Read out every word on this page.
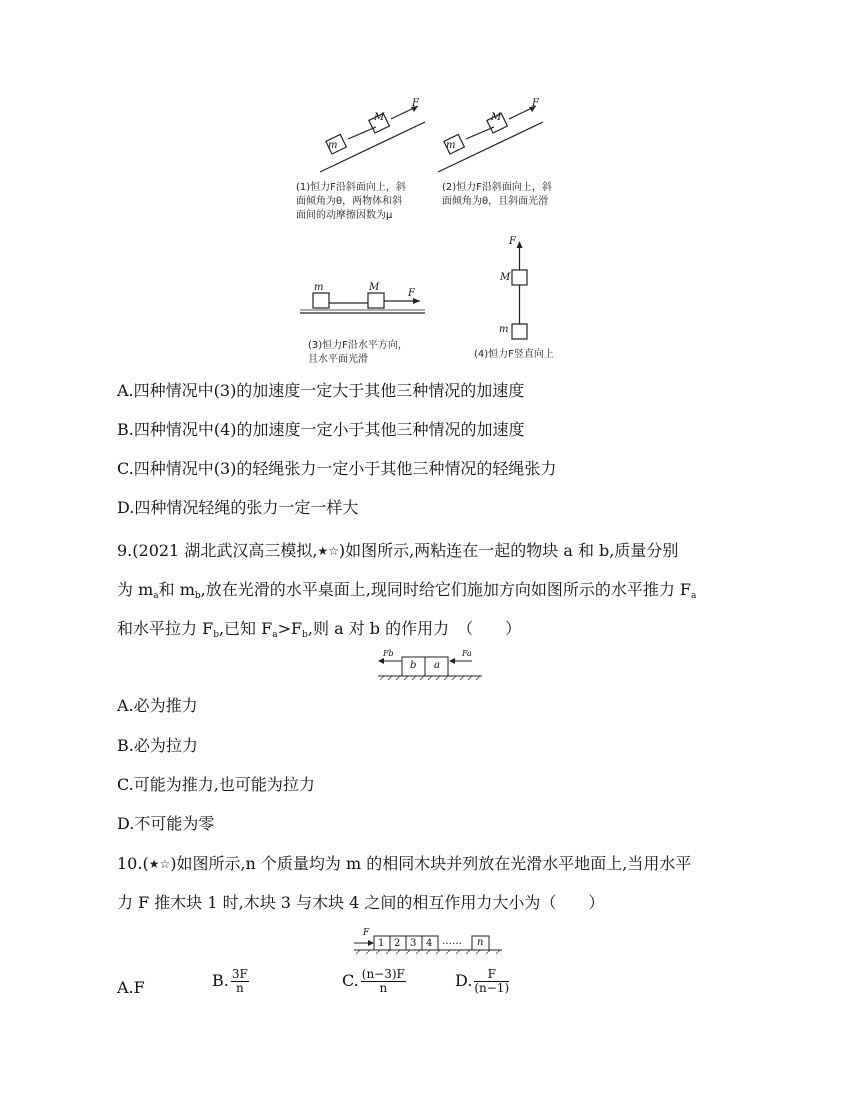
m
M
F
m
M
F
m	M
F
F
M
m
(1)恒力F沿斜面向上，斜
面倾角为θ，两物体和斜
面间的动摩擦因数为μ
(2)恒力F沿斜面向上，斜
面倾角为θ，且斜面光滑
(3)恒力F沿水平方向，
且水平面光滑	(4)恒力F竖直向上
A.四种情况中(3)的加速度一定大于其他三种情况的加速度
B.四种情况中(4)的加速度一定小于其他三种情况的加速度
C.四种情况中(3)的轻绳张力一定小于其他三种情况的轻绳张力
D.四种情况轻绳的张力一定一样大
9.(2021 湖北武汉高三模拟,★☆)如图所示,两粘连在一起的物块 a 和 b,质量分别
为 $m_a$和 $m_b$,放在光滑的水平桌面上,现同时给它们施加方向如图所示的水平推力 $F_a$
和水平拉力 $F_b$,已知 $F_a>F_b$,则 a 对 b 的作用力　（　　）
b a
Fb	Fa
A.必为推力
B.必为拉力
C.可能为推力,也可能为拉力
D.不可能为零
10.(★☆)如图所示,n 个质量均为 m 的相同木块并列放在光滑水平地面上,当用水平
力 F 推木块 1 时,木块 3 与木块 4 之间的相互作用力大小为（　　）
F
1 2 3 4 …… n
A.F	B. $\frac{3F}{n}$	C. $\frac{(n-3)F}{n}$	D. $\frac{F}{(n-1)}$
